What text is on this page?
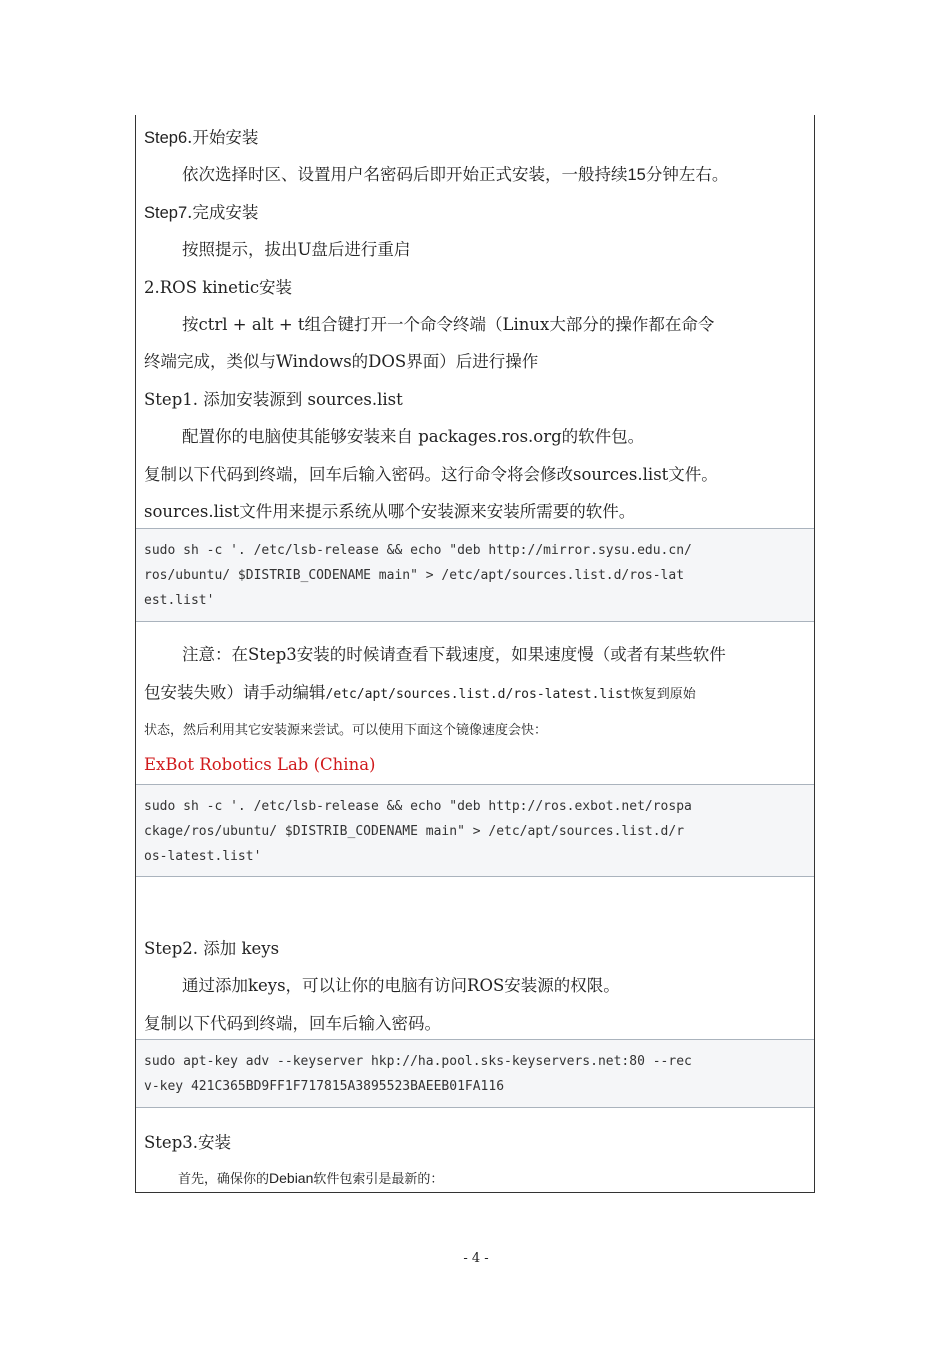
Step6.开始安装
依次选择时区、设置用户名密码后即开始正式安装，一般持续15分钟左右。
Step7.完成安装
按照提示，拔出U盘后进行重启
2.ROS kinetic安装
按ctrl + alt + t组合键打开一个命令终端（Linux大部分的操作都在命令
终端完成，类似与Windows的DOS界面）后进行操作
Step1. 添加安装源到 sources.list
配置你的电脑使其能够安装来自 packages.ros.org的软件包。
复制以下代码到终端，回车后输入密码。这行命令将会修改sources.list文件。
sources.list文件用来提示系统从哪个安装源来安装所需要的软件。
sudo sh -c '. /etc/lsb-release && echo "deb http://mirror.sysu.edu.cn/
ros/ubuntu/ $DISTRIB_CODENAME main" > /etc/apt/sources.list.d/ros-lat
est.list'
注意：在Step3安装的时候请查看下载速度，如果速度慢（或者有某些软件
包安装失败）请手动编辑/etc/apt/sources.list.d/ros-latest.list恢复到原始
状态，然后利用其它安装源来尝试。可以使用下面这个镜像速度会快：
ExBot Robotics Lab (China)
sudo sh -c '. /etc/lsb-release && echo "deb http://ros.exbot.net/rospa
ckage/ros/ubuntu/ $DISTRIB_CODENAME main" > /etc/apt/sources.list.d/r
os-latest.list'
Step2. 添加 keys
通过添加keys，可以让你的电脑有访问ROS安装源的权限。
复制以下代码到终端，回车后输入密码。
sudo apt-key adv --keyserver hkp://ha.pool.sks-keyservers.net:80 --rec
v-key 421C365BD9FF1F717815A3895523BAEEB01FA116
Step3.安装
首先，确保你的Debian软件包索引是最新的：
- 4 -
